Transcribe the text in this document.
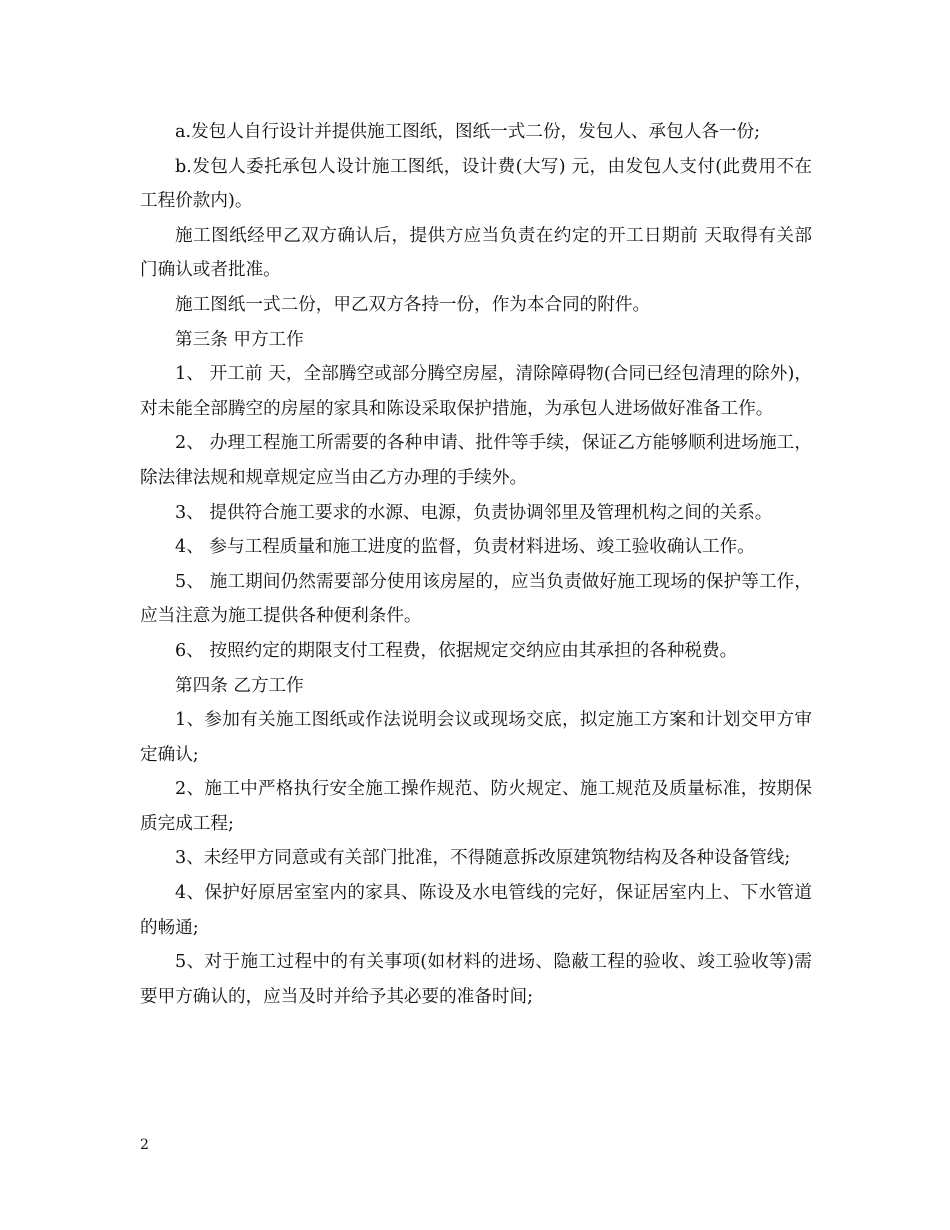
a.发包人自行设计并提供施工图纸，图纸一式二份，发包人、承包人各一份;

b.发包人委托承包人设计施工图纸，设计费(大写) 元，由发包人支付(此费用不在工程价款内)。

施工图纸经甲乙双方确认后，提供方应当负责在约定的开工日期前 天取得有关部门确认或者批准。

施工图纸一式二份，甲乙双方各持一份，作为本合同的附件。

第三条 甲方工作

1、 开工前 天，全部腾空或部分腾空房屋，清除障碍物(合同已经包清理的除外)，对未能全部腾空的房屋的家具和陈设采取保护措施，为承包人进场做好准备工作。

2、 办理工程施工所需要的各种申请、批件等手续，保证乙方能够顺利进场施工，除法律法规和规章规定应当由乙方办理的手续外。

3、 提供符合施工要求的水源、电源，负责协调邻里及管理机构之间的关系。

4、 参与工程质量和施工进度的监督，负责材料进场、竣工验收确认工作。

5、 施工期间仍然需要部分使用该房屋的，应当负责做好施工现场的保护等工作，应当注意为施工提供各种便利条件。

6、 按照约定的期限支付工程费，依据规定交纳应由其承担的各种税费。

第四条 乙方工作

1、参加有关施工图纸或作法说明会议或现场交底，拟定施工方案和计划交甲方审定确认;

2、施工中严格执行安全施工操作规范、防火规定、施工规范及质量标准，按期保质完成工程;

3、未经甲方同意或有关部门批准，不得随意拆改原建筑物结构及各种设备管线;

4、保护好原居室室内的家具、陈设及水电管线的完好，保证居室内上、下水管道的畅通;

5、对于施工过程中的有关事项(如材料的进场、隐蔽工程的验收、竣工验收等)需要甲方确认的，应当及时并给予其必要的准备时间;

2
